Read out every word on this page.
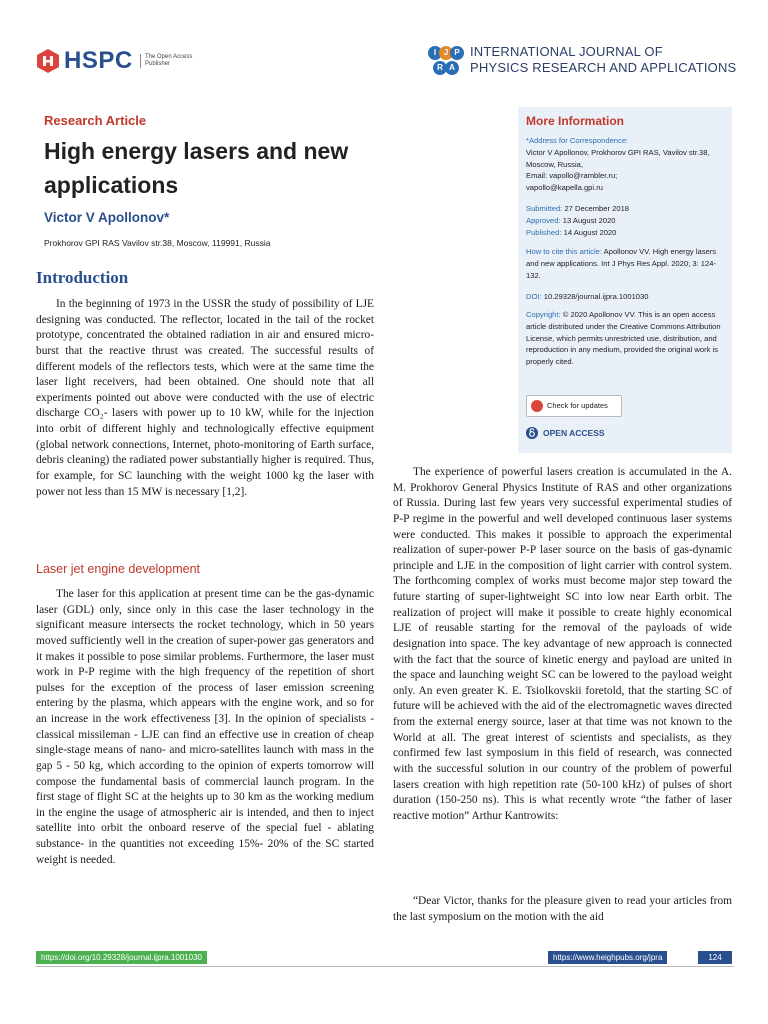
HSPC	The Open Access Publisher
I J P
R A
INTERNATIONAL JOURNAL OF
PHYSICS RESEARCH AND APPLICATIONS
Research Article
High energy lasers and new applications
Victor V Apollonov*
Prokhorov GPI RAS Vavilov str.38, Moscow, 119991, Russia
More Information
*Address for Correspondence:
Victor V Apollonov, Prokhorov GPI RAS, Vavilov str.38, Moscow, Russia,
Email: vapollo@rambler.ru;
vapollo@kapella.gpi.ru
Submitted: 27 December 2018
Approved: 13 August 2020
Published: 14 August 2020
How to cite this article: Apollonov VV. High energy lasers and new applications. Int J Phys Res Appl. 2020; 3: 124-132.
DOI: 10.29328/journal.ijpra.1001030
Copyright: © 2020 Apollonov VV. This is an open access article distributed under the Creative Commons Attribution License, which permits unrestricted use, distribution, and reproduction in any medium, provided the original work is properly cited.
Check for updates
OPEN ACCESS
Introduction

In the beginning of 1973 in the USSR the study of possibility of LJE designing was conducted. The reflector, located in the tail of the rocket prototype, concentrated the obtained radiation in air and ensured micro-burst that the reactive thrust was created. The successful results of different models of the reflectors tests, which were at the same time the laser light receivers, had been obtained. One should note that all experiments pointed out above were conducted with the use of electric discharge CO₂- lasers with power up to 10 kW, while for the injection into orbit of different highly and technologically effective equipment (global network connections, Internet, photo-monitoring of Earth surface, debris cleaning) the radiated power substantially higher is required. Thus, for example, for SC launching with the weight 1000 kg the laser with power not less than 15 MW is necessary [1,2].

Laser jet engine development

The laser for this application at present time can be the gas-dynamic laser (GDL) only, since only in this case the laser technology in the significant measure intersects the rocket technology, which in 50 years moved sufficiently well in the creation of super-power gas generators and it makes it possible to pose similar problems. Furthermore, the laser must work in P-P regime with the high frequency of the repetition of short pulses for the exception of the process of laser emission screening entering by the plasma, which appears with the engine work, and so for an increase in the work effectiveness [3]. In the opinion of specialists - classical missileman - LJE can find an effective use in creation of cheap single-stage means of nano- and micro-satellites launch with mass in the gap 5 - 50 kg, which according to the opinion of experts tomorrow will compose the fundamental basis of commercial launch program. In the first stage of flight SC at the heights up to 30 km as the working medium in the engine the usage of atmospheric air is intended, and then to inject satellite into orbit the onboard reserve of the special fuel - ablating substance- in the quantities not exceeding 15%- 20% of the SC started weight is needed.

The experience of powerful lasers creation is accumulated in the A. M. Prokhorov General Physics Institute of RAS and other organizations of Russia. During last few years very successful experimental studies of P-P regime in the powerful and well developed continuous laser systems were conducted. This makes it possible to approach the experimental realization of super-power P-P laser source on the basis of gas-dynamic principle and LJE in the composition of light carrier with control system. The forthcoming complex of works must become major step toward the future starting of super-lightweight SC into low near Earth orbit. The realization of project will make it possible to create highly economical LJE of reusable starting for the removal of the payloads of wide designation into space. The key advantage of new approach is connected with the fact that the source of kinetic energy and payload are united in the space and launching weight SC can be lowered to the payload weight only. An even greater K. E. Tsiolkovskii foretold, that the starting SC of future will be achieved with the aid of the electromagnetic waves directed from the external energy source, laser at that time was not known to the World at all. The great interest of scientists and specialists, as they confirmed few last symposium in this field of research, was connected with the successful solution in our country of the problem of powerful lasers creation with high repetition rate (50-100 kHz) of pulses of short duration (150-250 ns). This is what recently wrote “the father of laser reactive motion” Arthur Kantrowits:

“Dear Victor, thanks for the pleasure given to read your articles from the last symposium on the motion with the aid

https://doi.org/10.29328/journal.ijpra.1001030	https://www.heighpubs.org/jpra	124
